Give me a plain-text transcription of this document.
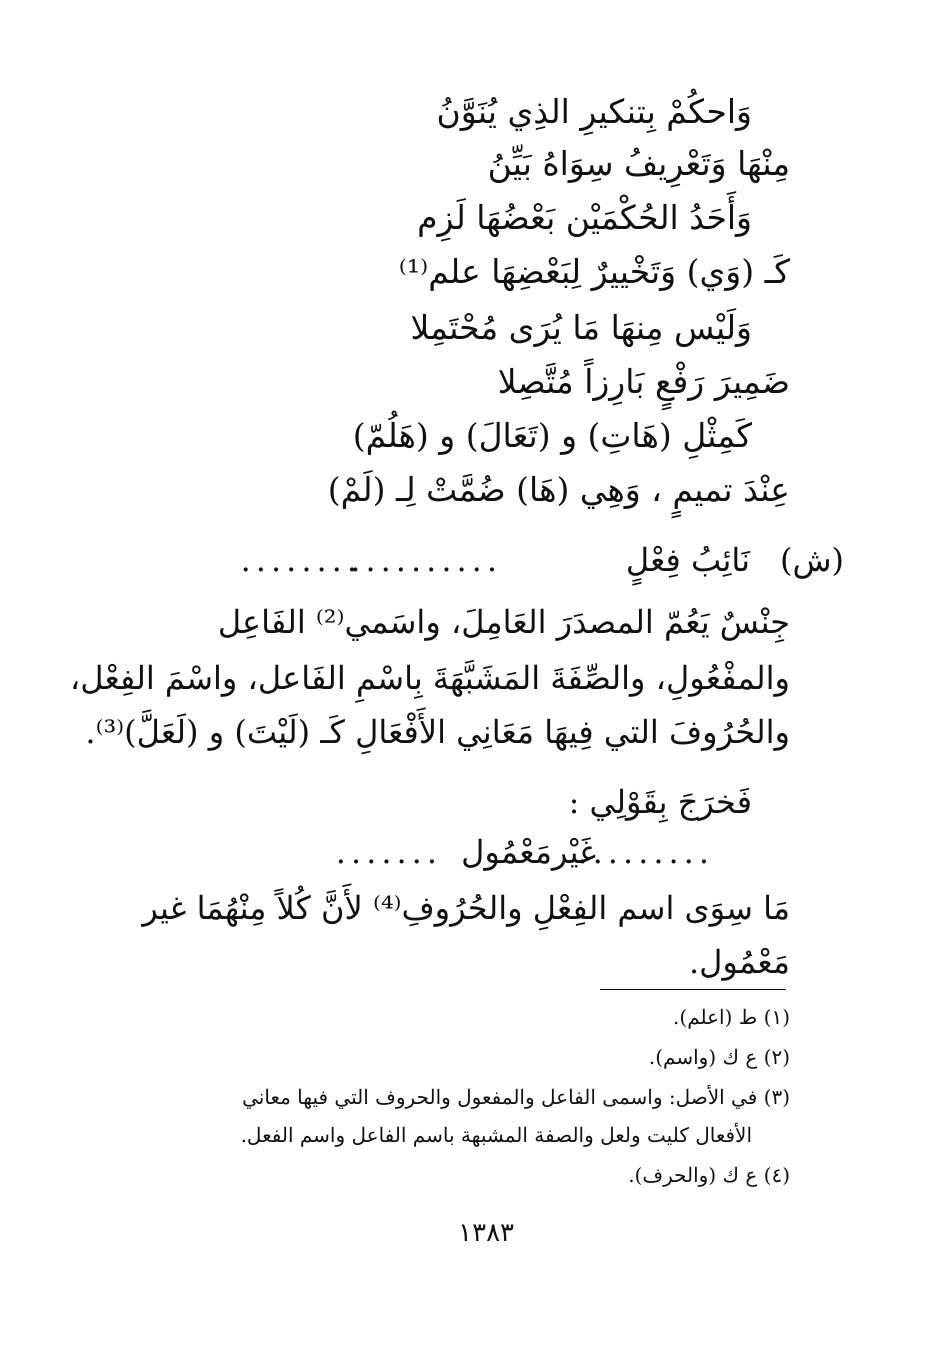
وَاحكُمْ بِتنكيرِ الذِي يُنَوَّنُ
مِنْهَا وَتَعْرِيفُ سِوَاهُ بَيِّنُ
وَأَحَدُ الحُكْمَيْن بَعْضُهَا لَزِم
كَـ (وَي) وَتَخْييرٌ لِبَعْضِهَا علم⁽¹⁾
وَلَيْس مِنهَا مَا يُرَى مُحْتَمِلا
ضَمِيرَ رَفْعٍ بَارِزاً مُتَّصِلا
كَمِثْلِ (هَاتِ) و (تَعَالَ) و (هَلُمّ)
عِنْدَ تميمٍ ، وَهِي (هَا) ضُمَّتْ لِـ (لَمْ)
(ش)
نَائِبُ فِعْلٍ
..........
........
جِنْسٌ يَعُمّ المصدَرَ العَامِلَ، واسَمي⁽²⁾ الفَاعِل
والمفْعُولِ، والصِّفَةَ المَشَبَّهَةَ بِاسْمِ الفَاعل، واسْمَ الفِعْل،
والحُرُوفَ التي فِيهَا مَعَانِي الأَفْعَالِ كَـ (لَيْتَ) و (لَعَلَّ)⁽³⁾.
فَخرَجَ بِقَوْلِي :
.........
غَيْرمَعْمُول
.......
مَا سِوَى اسم الفِعْلِ والحُرُوفِ⁽⁴⁾ لأَنَّ كُلاً مِنْهُمَا غير
مَعْمُول.
(١) ط (اعلم).
(٢) ع ك (واسم).
(٣) في الأصل: واسمى الفاعل والمفعول والحروف التي فيها معاني
الأفعال كليت ولعل والصفة المشبهة باسم الفاعل واسم الفعل.
(٤) ع ك (والحرف).
١٣٨٣
